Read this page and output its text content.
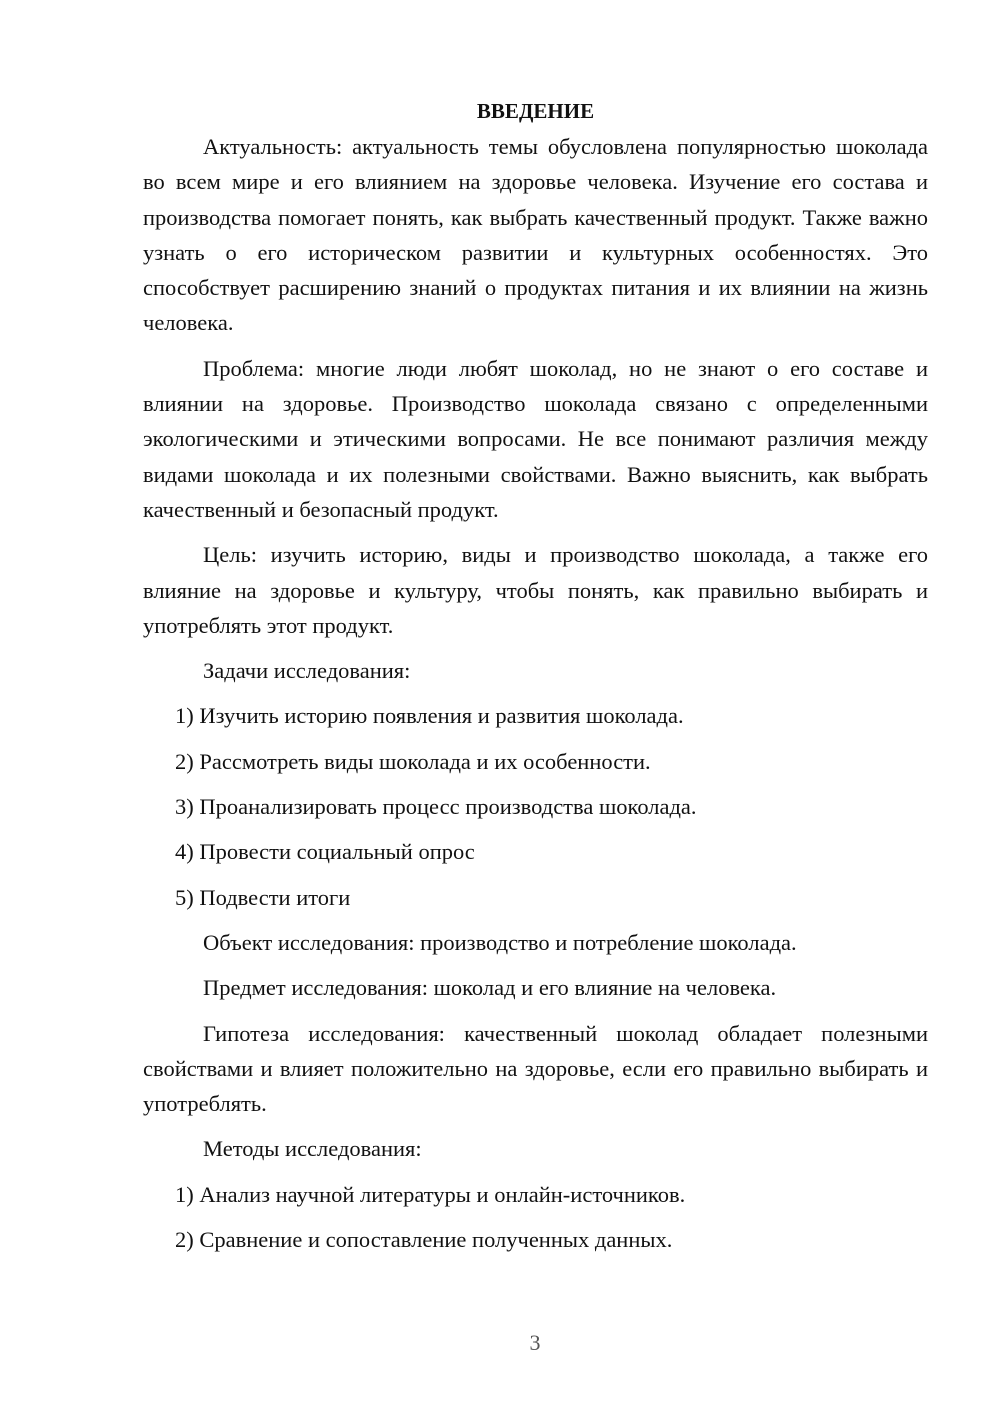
ВВЕДЕНИЕ

Актуальность: актуальность темы обусловлена популярностью шоколада во всем мире и его влиянием на здоровье человека. Изучение его состава и производства помогает понять, как выбрать качественный продукт. Также важно узнать о его историческом развитии и культурных особенностях. Это способствует расширению знаний о продуктах питания и их влиянии на жизнь человека.

Проблема: многие люди любят шоколад, но не знают о его составе и влиянии на здоровье. Производство шоколада связано с определенными экологическими и этическими вопросами. Не все понимают различия между видами шоколада и их полезными свойствами. Важно выяснить, как выбрать качественный и безопасный продукт.

Цель: изучить историю, виды и производство шоколада, а также его влияние на здоровье и культуру, чтобы понять, как правильно выбирать и употреблять этот продукт.

Задачи исследования:
1) Изучить историю появления и развития шоколада.
2) Рассмотреть виды шоколада и их особенности.
3) Проанализировать процесс производства шоколада.
4) Провести социальный опрос
5) Подвести итоги
Объект исследования: производство и потребление шоколада.
Предмет исследования: шоколад и его влияние на человека.

Гипотеза исследования: качественный шоколад обладает полезными свойствами и влияет положительно на здоровье, если его правильно выбирать и употреблять.

Методы исследования:
1) Анализ научной литературы и онлайн-источников.
2) Сравнение и сопоставление полученных данных.
3
